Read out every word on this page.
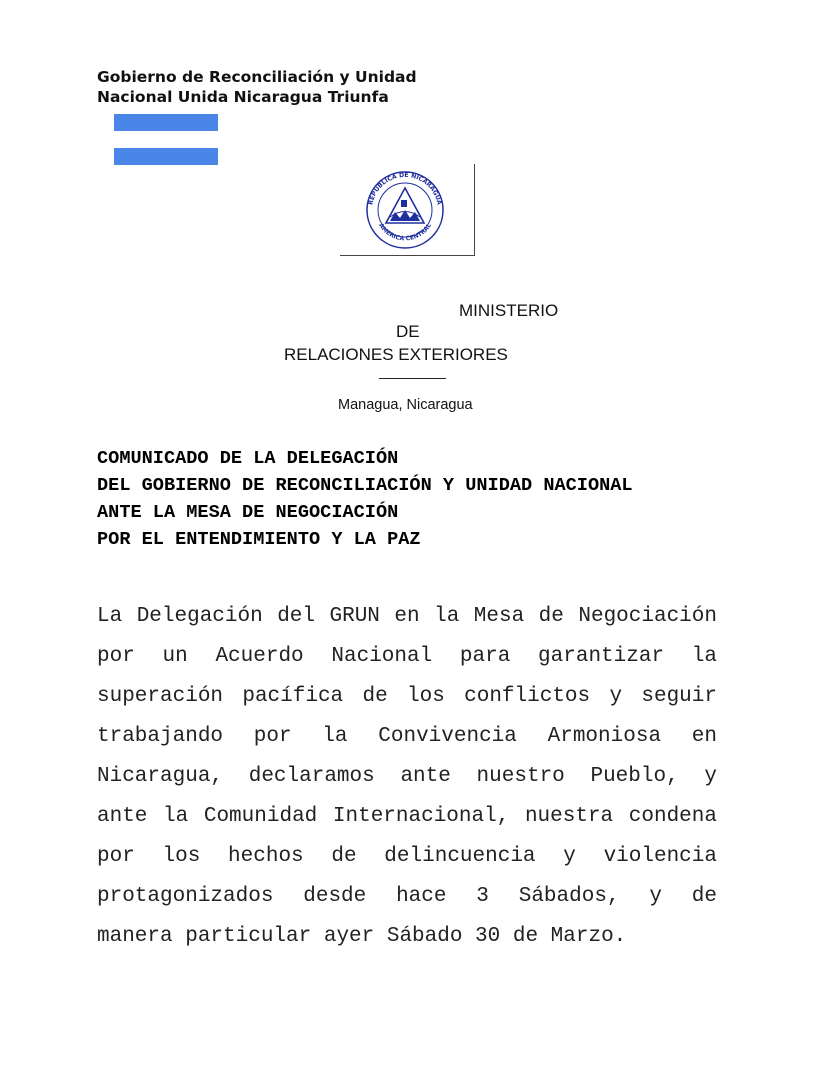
Gobierno de Reconciliación y Unidad
Nacional Unida Nicaragua Triunfa
REPUBLICA DE NICARAGUA
AMERICA CENTRAL
MINISTERIO
DE
RELACIONES EXTERIORES
Managua, Nicaragua
COMUNICADO DE LA DELEGACIÓN
DEL GOBIERNO DE RECONCILIACIÓN Y UNIDAD NACIONAL
ANTE LA MESA DE NEGOCIACIÓN
POR EL ENTENDIMIENTO Y LA PAZ
La Delegación del GRUN en la Mesa de Negociación
por un Acuerdo Nacional para garantizar la
superación pacífica de los conflictos y seguir
trabajando por la Convivencia Armoniosa en
Nicaragua, declaramos ante nuestro Pueblo, y
ante la Comunidad Internacional, nuestra condena
por los hechos de delincuencia y violencia
protagonizados desde hace 3 Sábados, y de
manera particular ayer Sábado 30 de Marzo.
